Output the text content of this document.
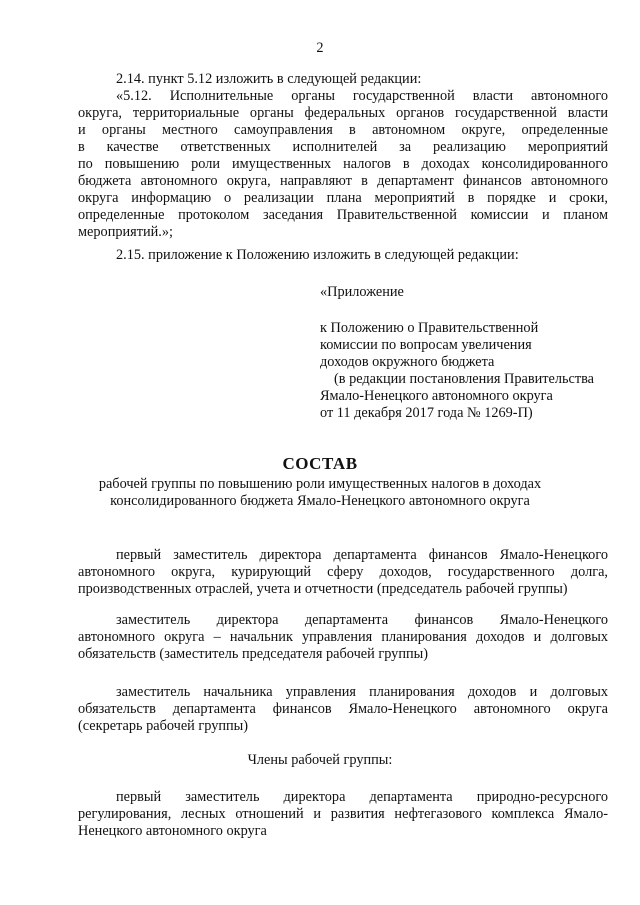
2
2.14. пункт 5.12 изложить в следующей редакции:
«5.12. Исполнительные органы государственной власти автономного
округа, территориальные органы федеральных органов государственной власти
и органы местного самоуправления в автономном округе, определенные
в качестве ответственных исполнителей за реализацию мероприятий
по повышению роли имущественных налогов в доходах консолидированного
бюджета автономного округа, направляют в департамент финансов автономного
округа информацию о реализации плана мероприятий в порядке и сроки,
определенные протоколом заседания Правительственной комиссии и планом
мероприятий.»;
2.15. приложение к Положению изложить в следующей редакции:
«Приложение
к Положению о Правительственной
комиссии по вопросам увеличения
доходов окружного бюджета
(в редакции постановления Правительства
Ямало-Ненецкого автономного округа
от 11 декабря 2017 года № 1269-П)
СОСТАВ
рабочей группы по повышению роли имущественных налогов в доходах
консолидированного бюджета Ямало-Ненецкого автономного округа
первый заместитель директора департамента финансов Ямало-Ненецкого
автономного округа, курирующий сферу доходов, государственного долга,
производственных отраслей, учета и отчетности (председатель рабочей группы)
заместитель директора департамента финансов Ямало-Ненецкого
автономного округа – начальник управления планирования доходов и долговых
обязательств (заместитель председателя рабочей группы)
заместитель начальника управления планирования доходов и долговых
обязательств департамента финансов Ямало-Ненецкого автономного округа
(секретарь рабочей группы)
Члены рабочей группы:
первый заместитель директора департамента природно-ресурсного
регулирования, лесных отношений и развития нефтегазового комплекса Ямало-
Ненецкого автономного округа
